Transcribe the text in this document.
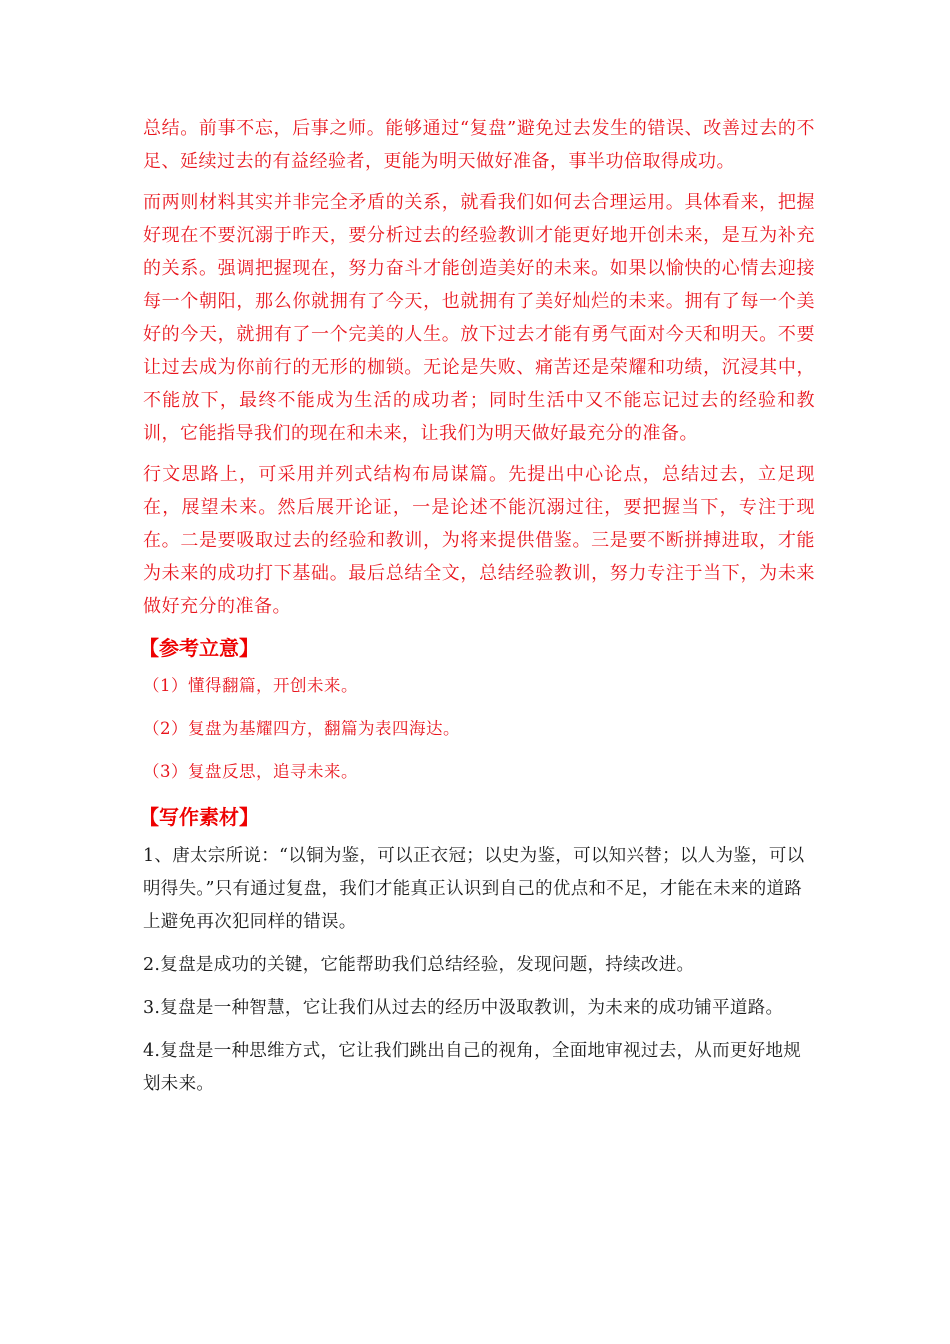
总结。前事不忘，后事之师。能够通过“复盘”避免过去发生的错误、改善过去的不足、延续过去的有益经验者，更能为明天做好准备，事半功倍取得成功。

而两则材料其实并非完全矛盾的关系，就看我们如何去合理运用。具体看来，把握好现在不要沉溺于昨天，要分析过去的经验教训才能更好地开创未来，是互为补充的关系。强调把握现在，努力奋斗才能创造美好的未来。如果以愉快的心情去迎接每一个朝阳，那么你就拥有了今天，也就拥有了美好灿烂的未来。拥有了每一个美好的今天，就拥有了一个完美的人生。放下过去才能有勇气面对今天和明天。不要让过去成为你前行的无形的枷锁。无论是失败、痛苦还是荣耀和功绩，沉浸其中，不能放下，最终不能成为生活的成功者；同时生活中又不能忘记过去的经验和教训，它能指导我们的现在和未来，让我们为明天做好最充分的准备。

行文思路上，可采用并列式结构布局谋篇。先提出中心论点，总结过去，立足现在，展望未来。然后展开论证，一是论述不能沉溺过往，要把握当下，专注于现在。二是要吸取过去的经验和教训，为将来提供借鉴。三是要不断拼搏进取，才能为未来的成功打下基础。最后总结全文，总结经验教训，努力专注于当下，为未来做好充分的准备。

【参考立意】

（1）懂得翻篇，开创未来。

（2）复盘为基耀四方，翻篇为表四海达。

（3）复盘反思，追寻未来。

【写作素材】

1、唐太宗所说：“以铜为鉴，可以正衣冠；以史为鉴，可以知兴替；以人为鉴，可以明得失。”只有通过复盘，我们才能真正认识到自己的优点和不足，才能在未来的道路上避免再次犯同样的错误。

2.复盘是成功的关键，它能帮助我们总结经验，发现问题，持续改进。

3.复盘是一种智慧，它让我们从过去的经历中汲取教训，为未来的成功铺平道路。

4.复盘是一种思维方式，它让我们跳出自己的视角，全面地审视过去，从而更好地规划未来。
